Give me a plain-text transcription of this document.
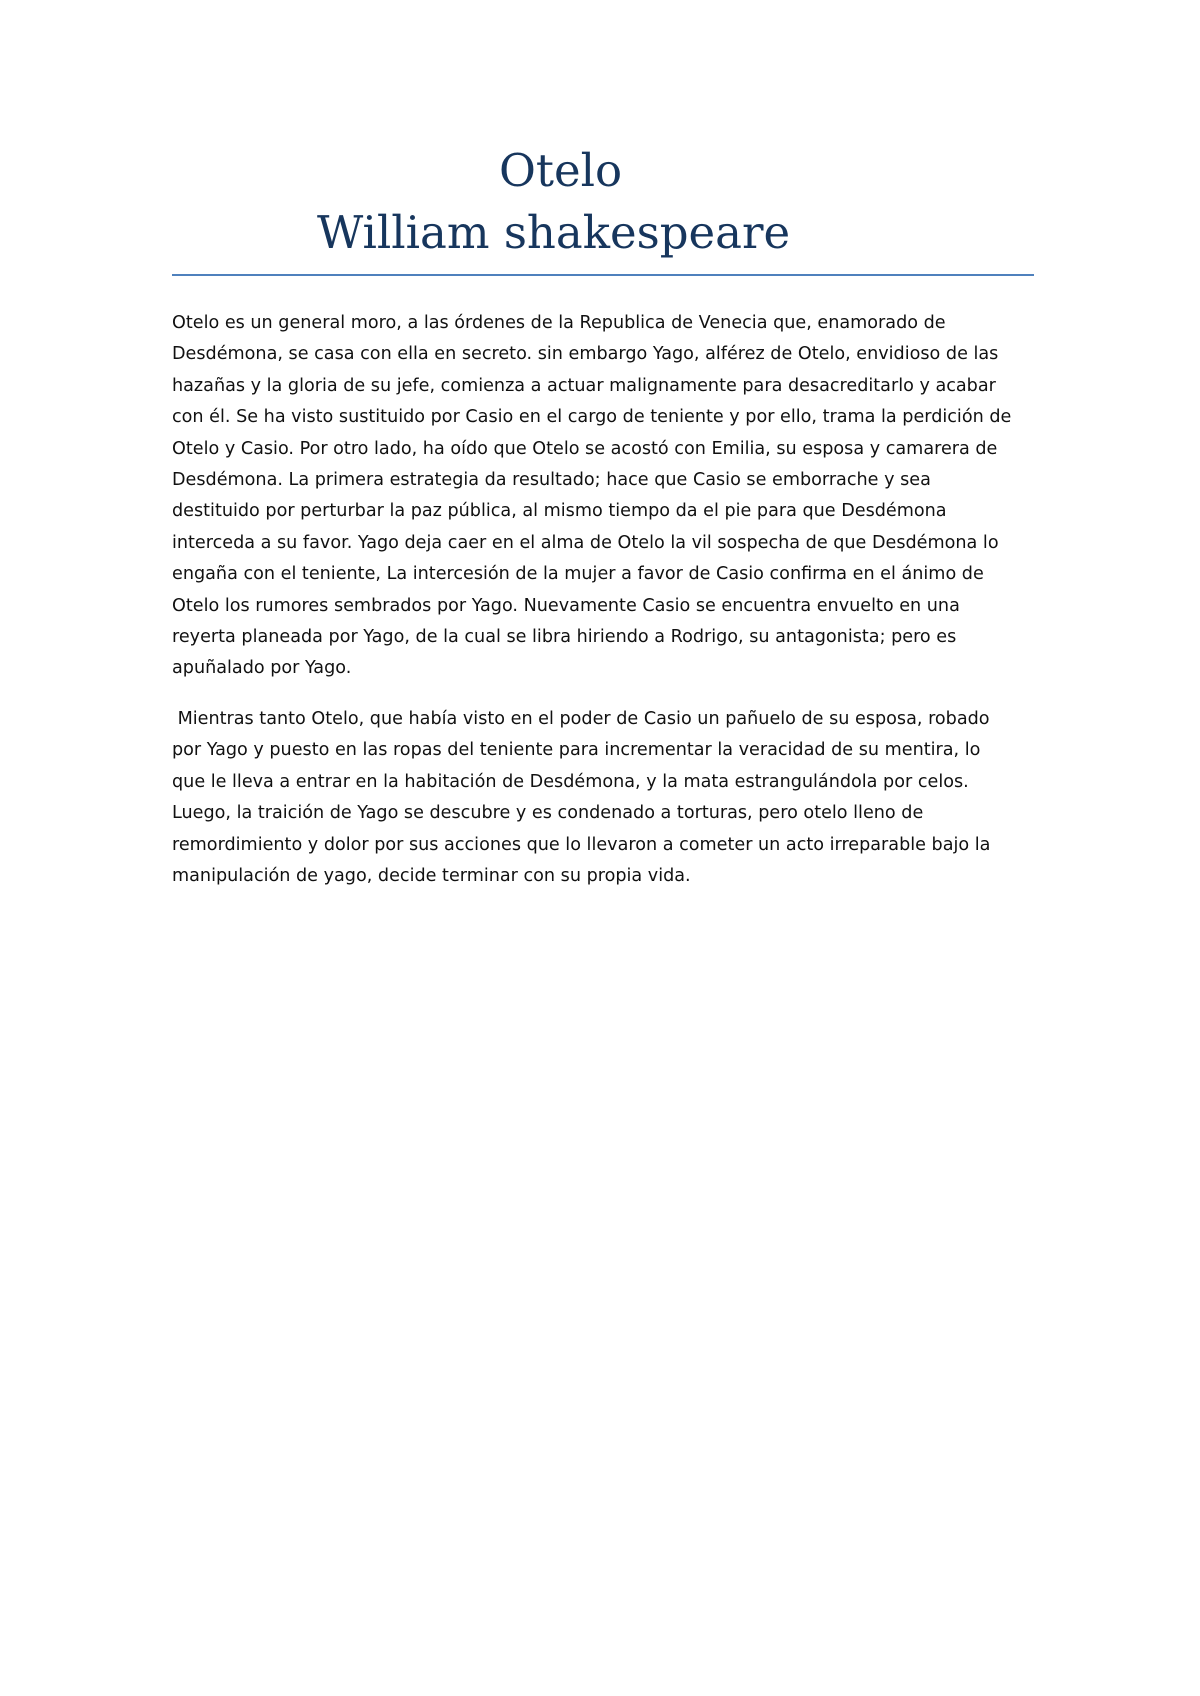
Otelo
William shakespeare

Otelo es un general moro, a las órdenes de la Republica de Venecia que, enamorado de
Desdémona, se casa con ella en secreto. sin embargo Yago, alférez de Otelo, envidioso de las
hazañas y la gloria de su jefe, comienza a actuar malignamente para desacreditarlo y acabar
con él. Se ha visto sustituido por Casio en el cargo de teniente y por ello, trama la perdición de
Otelo y Casio. Por otro lado, ha oído que Otelo se acostó con Emilia, su esposa y camarera de
Desdémona. La primera estrategia da resultado; hace que Casio se emborrache y sea
destituido por perturbar la paz pública, al mismo tiempo da el pie para que Desdémona
interceda a su favor. Yago deja caer en el alma de Otelo la vil sospecha de que Desdémona lo
engaña con el teniente, La intercesión de la mujer a favor de Casio confirma en el ánimo de
Otelo los rumores sembrados por Yago. Nuevamente Casio se encuentra envuelto en una
reyerta planeada por Yago, de la cual se libra hiriendo a Rodrigo, su antagonista; pero es
apuñalado por Yago.

Mientras tanto Otelo, que había visto en el poder de Casio un pañuelo de su esposa, robado
por Yago y puesto en las ropas del teniente para incrementar la veracidad de su mentira, lo
que le lleva a entrar en la habitación de Desdémona, y la mata estrangulándola por celos.
Luego, la traición de Yago se descubre y es condenado a torturas, pero otelo lleno de
remordimiento y dolor por sus acciones que lo llevaron a cometer un acto irreparable bajo la
manipulación de yago, decide terminar con su propia vida.
